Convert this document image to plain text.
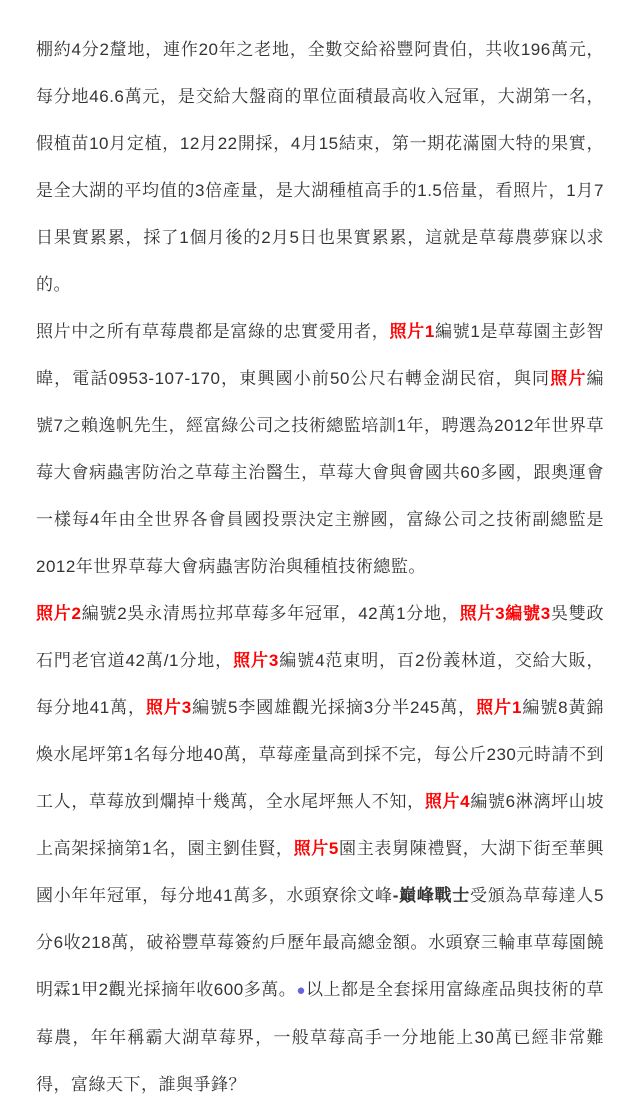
棚約4分2釐地，連作20年之老地，全數交給裕豐阿貴伯，共收196萬元，每分地46.6萬元，是交給大盤商的單位面積最高收入冠軍，大湖第一名，假植苗10月定植，12月22開採，4月15結束，第一期花滿園大特的果實，是全大湖的平均值的3倍產量，是大湖種植高手的1.5倍量，看照片，1月7日果實累累，採了1個月後的2月5日也果實累累，這就是草莓農夢寐以求的。

照片中之所有草莓農都是富綠的忠實愛用者，照片1編號1是草莓園主彭智暐，電話0953-107-170，東興國小前50公尺右轉金湖民宿，與同照片編號7之賴逸帆先生，經富綠公司之技術總監培訓1年，聘選為2012年世界草莓大會病蟲害防治之草莓主治醫生，草莓大會與會國共60多國，跟奧運會一樣每4年由全世界各會員國投票決定主辦國，富綠公司之技術副總監是2012年世界草莓大會病蟲害防治與種植技術總監。

照片2編號2吳永清馬拉邦草莓多年冠軍，42萬1分地，照片3編號3吳雙政石門老官道42萬/1分地，照片3編號4范東明，百2份義林道，交給大販，每分地41萬，照片3編號5李國雄觀光採摘3分半245萬，照片1編號8黃錦煥水尾坪第1名每分地40萬，草莓產量高到採不完，每公斤230元時請不到工人，草莓放到爛掉十幾萬，全水尾坪無人不知，照片4編號6淋漓坪山坡上高架採摘第1名，園主劉佳賢，照片5園主表舅陳禮賢，大湖下街至華興國小年年冠軍，每分地41萬多，水頭寮徐文峰-巔峰戰士受頒為草莓達人5分6收218萬，破裕豐草莓簽約戶歷年最高總金額。水頭寮三輪車草莓園饒明霖1甲2觀光採摘年收600多萬。●以上都是全套採用富綠產品與技術的草莓農，年年稱霸大湖草莓界，一般草莓高手一分地能上30萬已經非常難得，富綠天下，誰與爭鋒？
